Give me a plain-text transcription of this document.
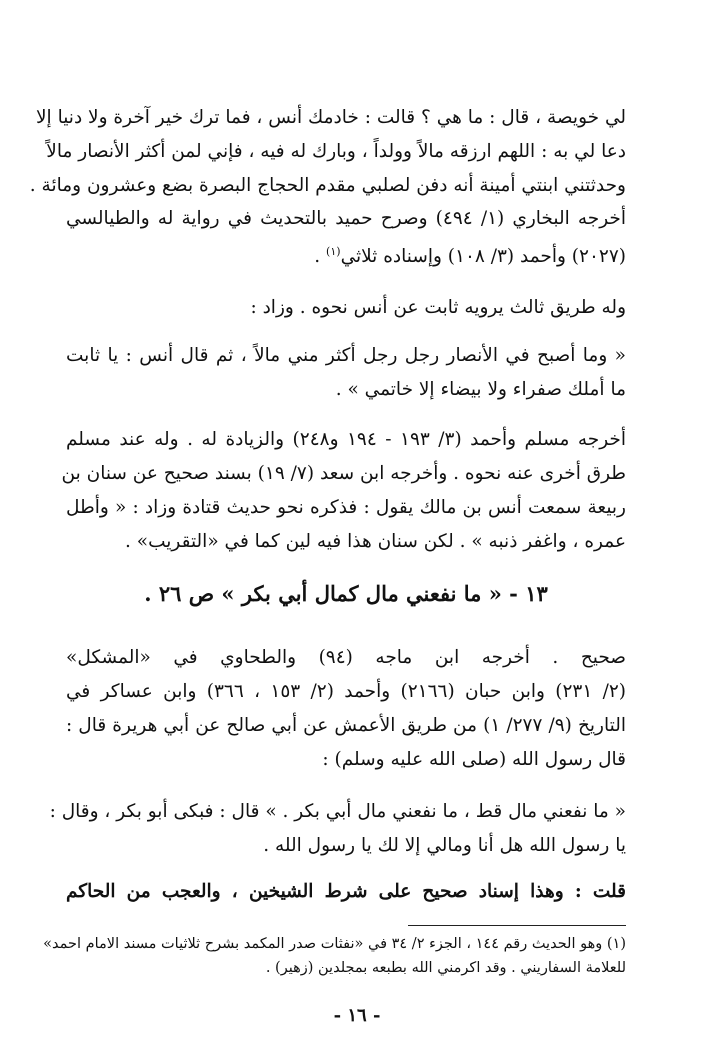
لي خويصة ، قال : ما هي ؟ قالت : خادمك أنس ، فما ترك خير آخرة ولا دنيا إلا
دعا لي به : اللهم ارزقه مالاً وولداً ، وبارك له فيه ، فإني لمن أكثر الأنصار مالاً
وحدثتني ابنتي أمينة أنه دفن لصلبي مقدم الحجاج البصرة بضع وعشرون ومائة .
أخرجه البخاري (١/ ٤٩٤) وصرح حميد بالتحديث في رواية له والطيالسي
(٢٠٢٧) وأحمد (٣/ ١٠٨) وإسناده ثلاثي$^{(١)}$ .
وله طريق ثالث يرويه ثابت عن أنس نحوه . وزاد :
« وما أصبح في الأنصار رجل رجل أكثر مني مالاً ، ثم قال أنس : يا ثابت
ما أملك صفراء ولا بيضاء إلا خاتمي » .
أخرجه مسلم وأحمد (٣/ ١٩٣ - ١٩٤ و٢٤٨) والزيادة له . وله عند مسلم
طرق أخرى عنه نحوه . وأخرجه ابن سعد (٧/ ١٩) بسند صحيح عن سنان بن
ربيعة سمعت أنس بن مالك يقول : فذكره نحو حديث قتادة وزاد : « وأطل
عمره ، واغفر ذنبه » . لكن سنان هذا فيه لين كما في «التقريب» .
١٣ - « ما نفعني مال كمال أبي بكر » ص ٢٦ .
صحيح . أخرجه ابن ماجه (٩٤) والطحاوي في «المشكل»
(٢/ ٢٣١) وابن حبان (٢١٦٦) وأحمد (٢/ ١٥٣ ، ٣٦٦) وابن عساكر في
التاريخ (٩/ ٢٧٧/ ١) من طريق الأعمش عن أبي صالح عن أبي هريرة قال :
قال رسول الله (صلى الله عليه وسلم) :
« ما نفعني مال قط ، ما نفعني مال أبي بكر . » قال : فبكى أبو بكر ، وقال :
يا رسول الله هل أنا ومالي إلا لك يا رسول الله .
قلت : وهذا إسناد صحيح على شرط الشيخين ، والعجب من الحاكم
(١) وهو الحديث رقم ١٤٤ ، الجزء ٢/ ٣٤ في «نفثات صدر المكمد بشرح ثلاثيات مسند الامام احمد»
للعلامة السفاريني . وقد اكرمني الله بطبعه بمجلدين (زهير) .
- ١٦ -
